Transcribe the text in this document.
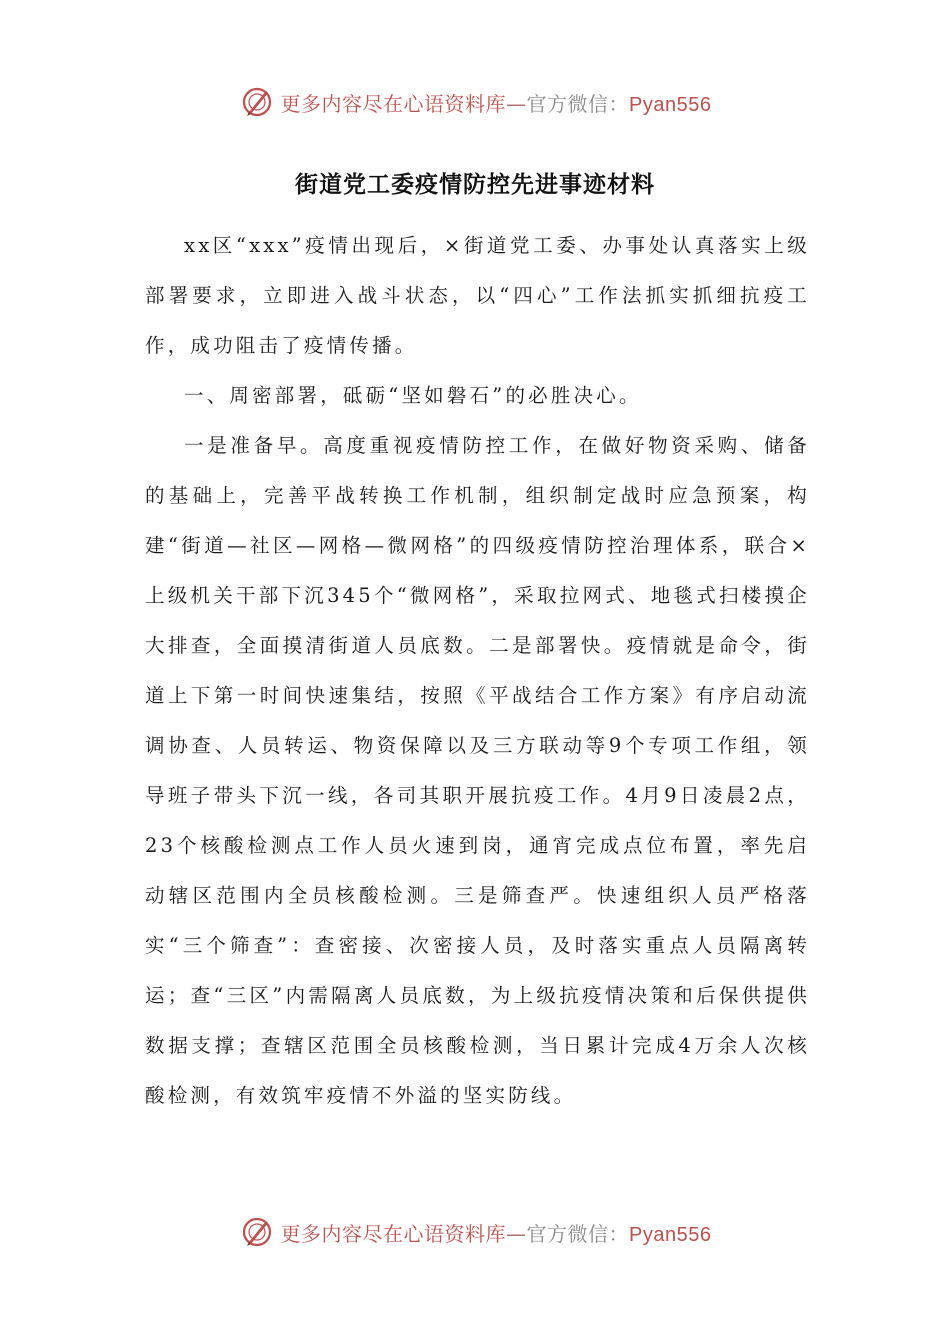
更多内容尽在心语资料库—官方微信：Pyan556
街道党工委疫情防控先进事迹材料

xx区“xxx”疫情出现后，×街道党工委、办事处认真落实上级部署要求，立即进入战斗状态，以“四心”工作法抓实抓细抗疫工作，成功阻击了疫情传播。

一、周密部署，砥砺“坚如磐石”的必胜决心。

一是准备早。高度重视疫情防控工作，在做好物资采购、储备的基础上，完善平战转换工作机制，组织制定战时应急预案，构建“街道—社区—网格—微网格”的四级疫情防控治理体系，联合×上级机关干部下沉345个“微网格”，采取拉网式、地毯式扫楼摸企大排查，全面摸清街道人员底数。二是部署快。疫情就是命令，街道上下第一时间快速集结，按照《平战结合工作方案》有序启动流调协查、人员转运、物资保障以及三方联动等9个专项工作组，领导班子带头下沉一线，各司其职开展抗疫工作。4月9日凌晨2点，23个核酸检测点工作人员火速到岗，通宵完成点位布置，率先启动辖区范围内全员核酸检测。三是筛查严。快速组织人员严格落实“三个筛查”：查密接、次密接人员，及时落实重点人员隔离转运；查“三区”内需隔离人员底数，为上级抗疫情决策和后保供提供数据支撑；查辖区范围全员核酸检测，当日累计完成4万余人次核酸检测，有效筑牢疫情不外溢的坚实防线。

更多内容尽在心语资料库—官方微信：Pyan556
